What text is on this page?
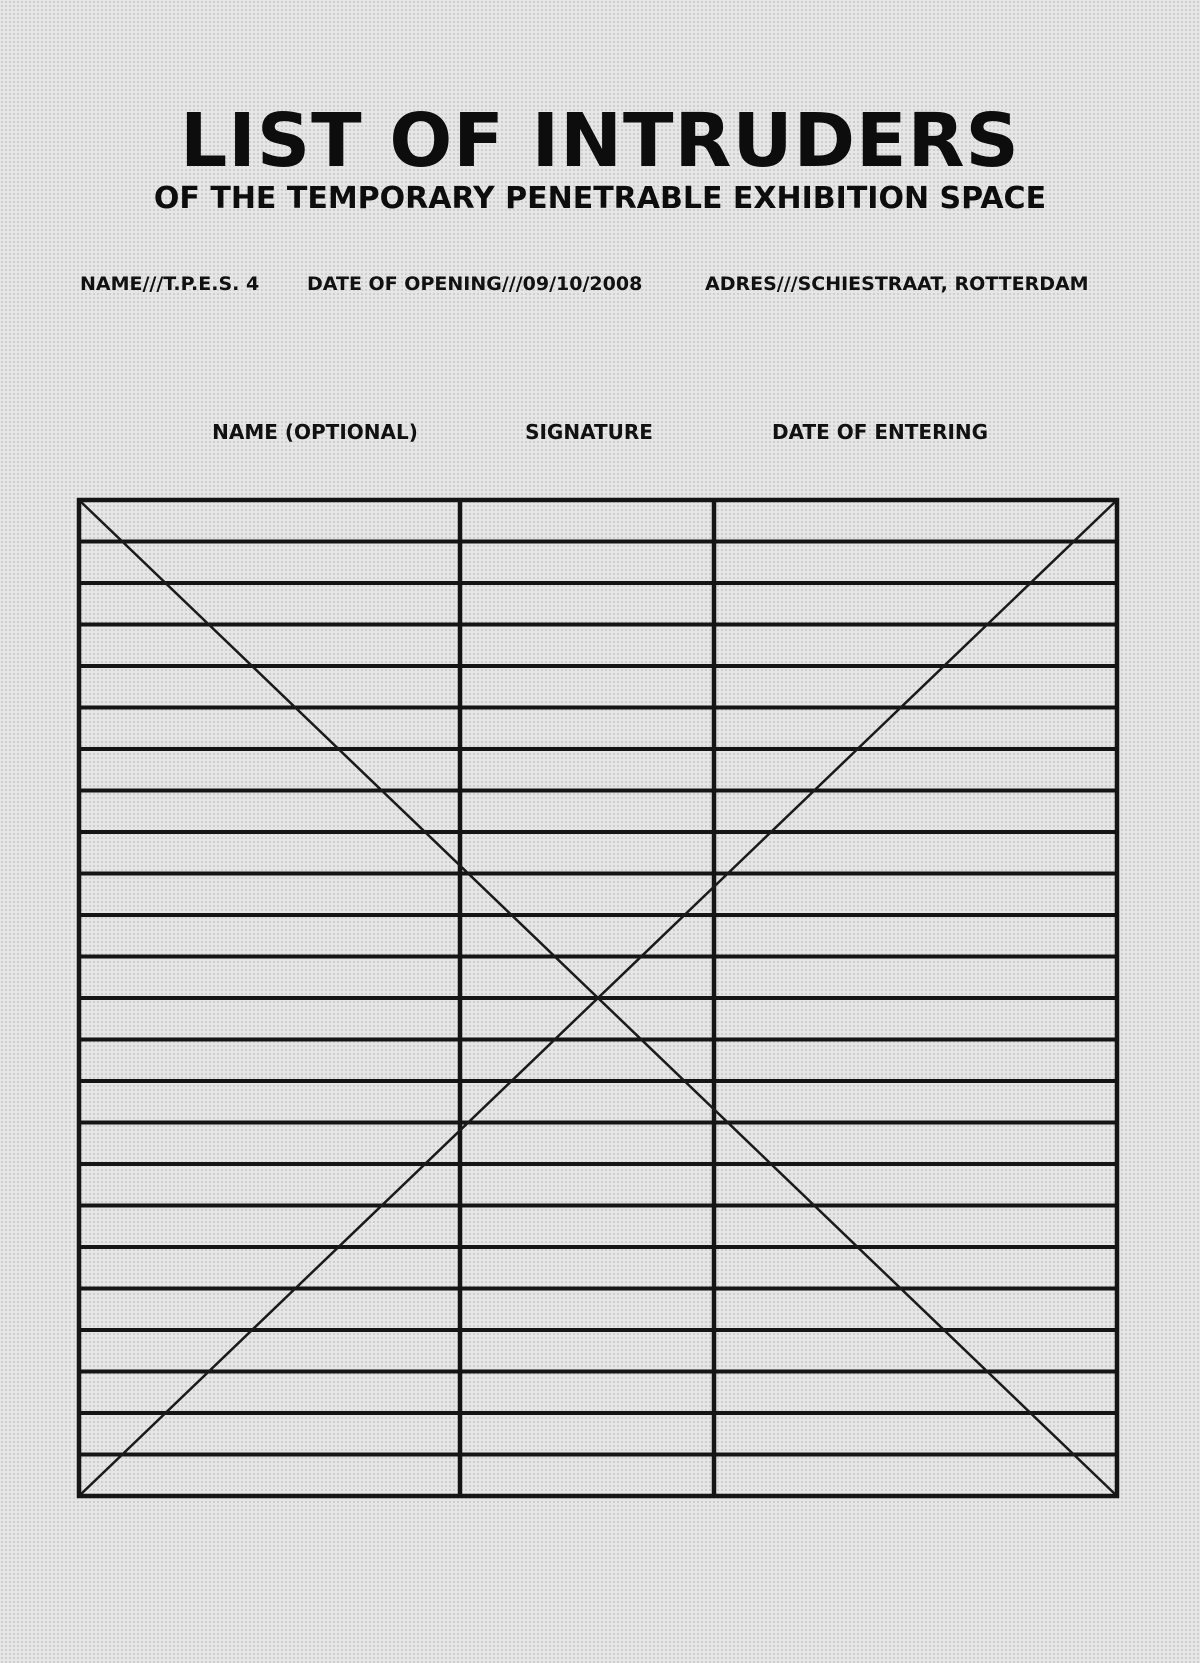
LIST OF INTRUDERS
OF THE TEMPORARY PENETRABLE EXHIBITION SPACE
NAME///T.P.E.S. 4	DATE OF OPENING///09/10/2008	ADRES///SCHIESTRAAT, ROTTERDAM
NAME (OPTIONAL)	SIGNATURE	DATE OF ENTERING
